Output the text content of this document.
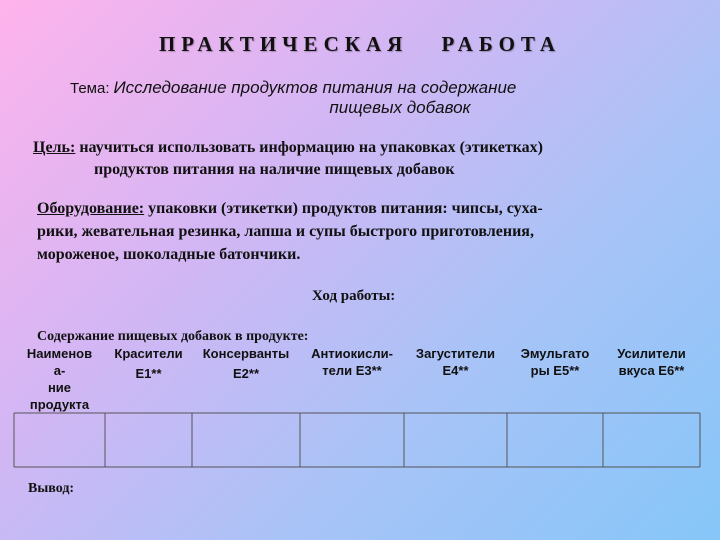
ПРАКТИЧЕСКАЯ РАБОТА
Тема: Исследование продуктов питания на содержание
пищевых добавок
Цель: научиться использовать информацию на упаковках (этикетках)
продуктов питания на наличие пищевых добавок
Оборудование: упаковки (этикетки) продуктов питания: чипсы, суха-
рики, жевательная резинка, лапша и супы быстрого приготовления,
мороженое, шоколадные батончики.
Ход работы:
Содержание пищевых добавок в продукте:
Наименов
а-
ние
продукта
Красители
Е1**
Консерванты
Е2**
Антиокисли-
тели Е3**
Загустители
Е4**
Эмульгато
ры Е5**
Усилители
вкуса Е6**
Вывод:
